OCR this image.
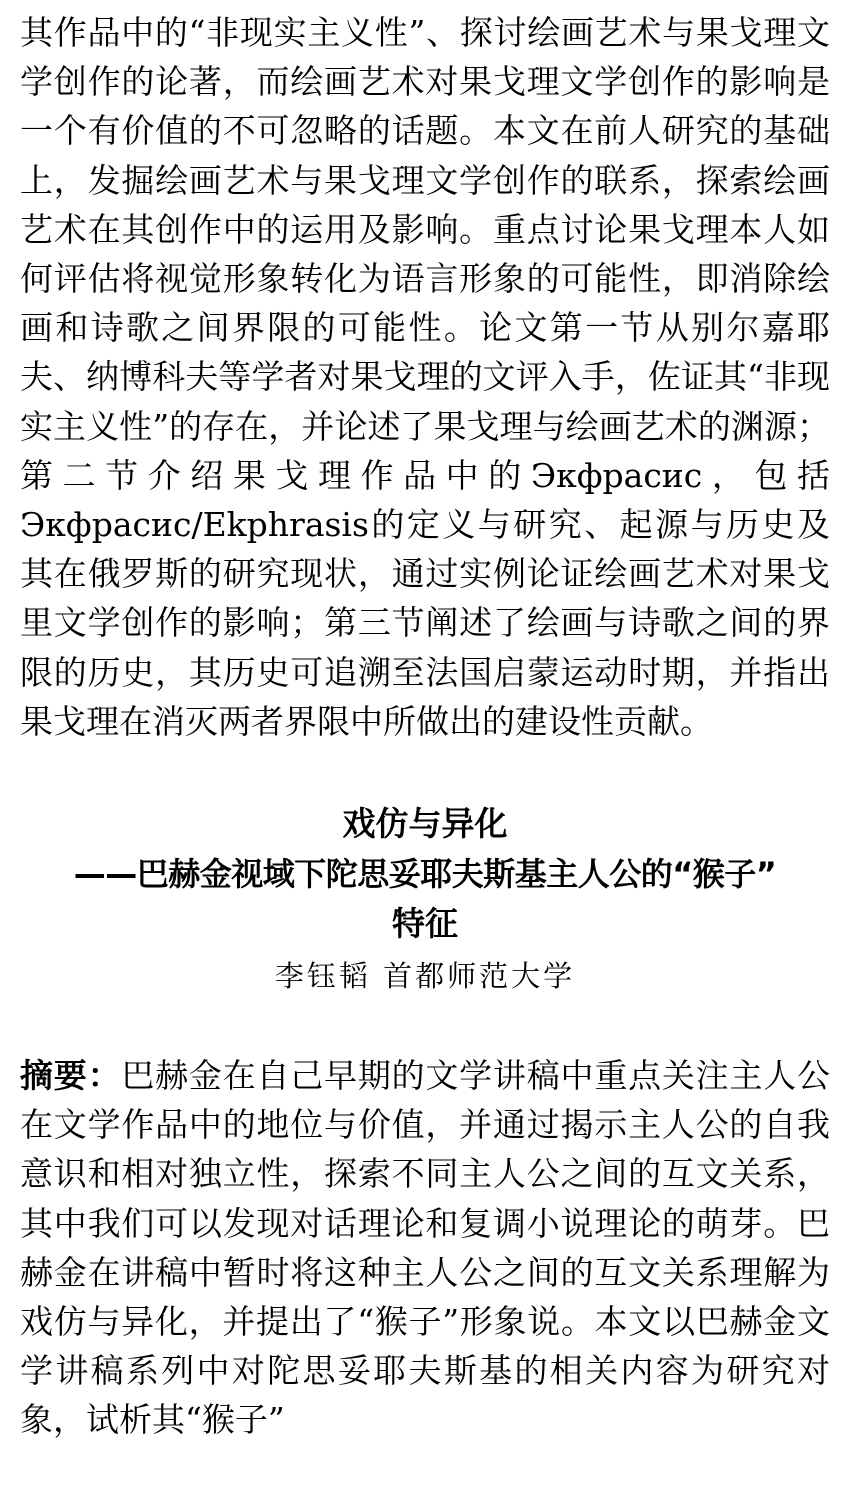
其作品中的“非现实主义性”、探讨绘画艺术与果戈理文学创作的论著，而绘画艺术对果戈理文学创作的影响是一个有价值的不可忽略的话题。本文在前人研究的基础上，发掘绘画艺术与果戈理文学创作的联系，探索绘画艺术在其创作中的运用及影响。重点讨论果戈理本人如何评估将视觉形象转化为语言形象的可能性，即消除绘画和诗歌之间界限的可能性。论文第一节从别尔嘉耶夫、纳博科夫等学者对果戈理的文评入手，佐证其“非现实主义性”的存在，并论述了果戈理与绘画艺术的渊源；第二节介绍果戈理作品中的Экфрасис，包括Экфрасис/Ekphrasis的定义与研究、起源与历史及其在俄罗斯的研究现状，通过实例论证绘画艺术对果戈里文学创作的影响；第三节阐述了绘画与诗歌之间的界限的历史，其历史可追溯至法国启蒙运动时期，并指出果戈理在消灭两者界限中所做出的建设性贡献。

戏仿与异化
——巴赫金视域下陀思妥耶夫斯基主人公的“猴子”
特征
李钰韬 首都师范大学

摘要：巴赫金在自己早期的文学讲稿中重点关注主人公在文学作品中的地位与价值，并通过揭示主人公的自我意识和相对独立性，探索不同主人公之间的互文关系，其中我们可以发现对话理论和复调小说理论的萌芽。巴赫金在讲稿中暂时将这种主人公之间的互文关系理解为戏仿与异化，并提出了“猴子”形象说。本文以巴赫金文学讲稿系列中对陀思妥耶夫斯基的相关内容为研究对象，试析其“猴子”
